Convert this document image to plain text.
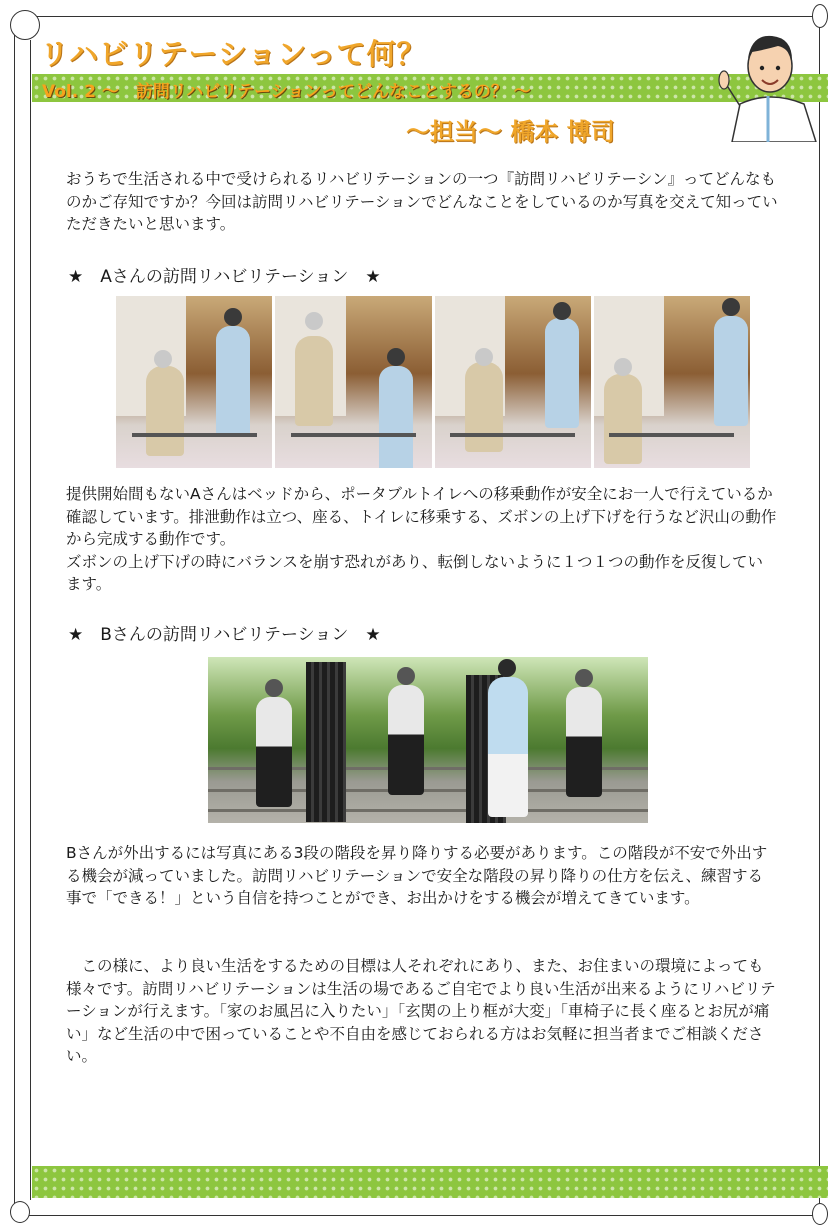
リハビリテーションって何？
Vol. 2 ～　訪問リハビリテーションってどんなことするの？ ～

～担当～ 橋本 博司

おうちで生活される中で受けられるリハビリテーションの一つ『訪問リハビリテーシン』ってどんなものかご存知ですか？今回は訪問リハビリテーションでどんなことをしているのか写真を交えて知っていただきたいと思います。

★　Aさんの訪問リハビリテーション　★

提供開始間もないAさんはベッドから、ポータブルトイレへの移乗動作が安全にお一人で行えているか確認しています。排泄動作は立つ、座る、トイレに移乗する、ズボンの上げ下げを行うなど沢山の動作から完成する動作です。
ズボンの上げ下げの時にバランスを崩す恐れがあり、転倒しないように１つ１つの動作を反復しています。

★　Bさんの訪問リハビリテーション　★

Bさんが外出するには写真にある3段の階段を昇り降りする必要があります。この階段が不安で外出する機会が減っていました。訪問リハビリテーションで安全な階段の昇り降りの仕方を伝え、練習する事で「できる！」という自信を持つことができ、お出かけをする機会が増えてきています。

　この様に、より良い生活をするための目標は人それぞれにあり、また、お住まいの環境によっても様々です。訪問リハビリテーションは生活の場であるご自宅でより良い生活が出来るようにリハビリテーションが行えます。「家のお風呂に入りたい」「玄関の上り框が大変」「車椅子に長く座るとお尻が痛い」など生活の中で困っていることや不自由を感じておられる方はお気軽に担当者までご相談ください。
